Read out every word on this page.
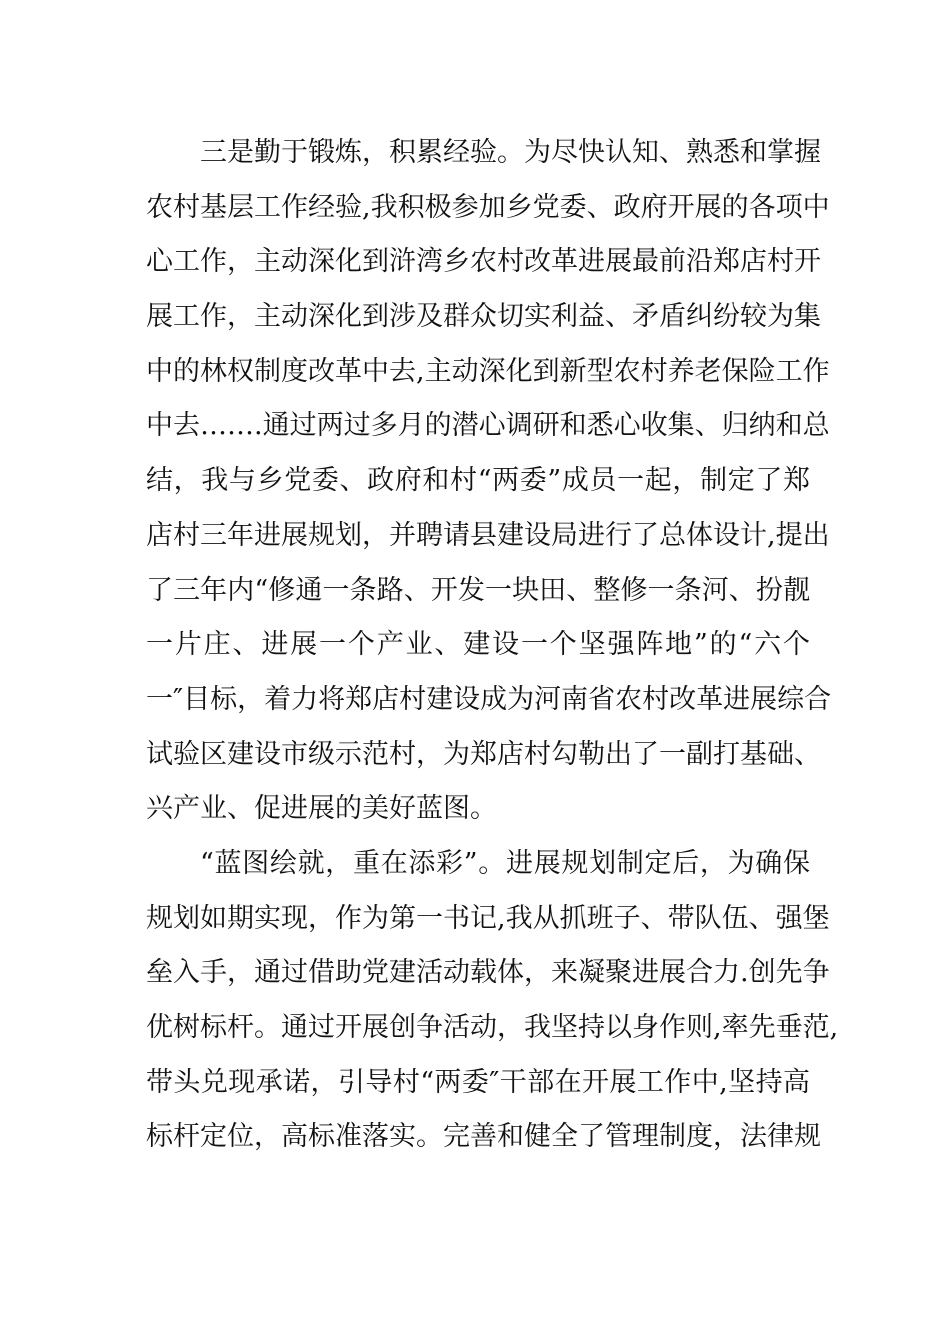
三是勤于锻炼，积累经验。为尽快认知、熟悉和掌握
农村基层工作经验,我积极参加乡党委、政府开展的各项中
心工作，主动深化到浒湾乡农村改革进展最前沿郑店村开
展工作，主动深化到涉及群众切实利益、矛盾纠纷较为集
中的林权制度改革中去,主动深化到新型农村养老保险工作
中去…….通过两过多月的潜心调研和悉心收集、归纳和总
结，我与乡党委、政府和村“两委”成员一起，制定了郑
店村三年进展规划，并聘请县建设局进行了总体设计,提出
了三年内“修通一条路、开发一块田、整修一条河、扮靓
一片庄、进展一个产业、建设一个坚强阵地”的“六个
一″目标，着力将郑店村建设成为河南省农村改革进展综合
试验区建设市级示范村，为郑店村勾勒出了一副打基础、
兴产业、促进展的美好蓝图。
“蓝图绘就，重在添彩”。进展规划制定后，为确保
规划如期实现，作为第一书记,我从抓班子、带队伍、强堡
垒入手，通过借助党建活动载体，来凝聚进展合力.创先争
优树标杆。通过开展创争活动，我坚持以身作则,率先垂范,
带头兑现承诺，引导村“两委″干部在开展工作中,坚持高
标杆定位，高标准落实。完善和健全了管理制度，法律规
